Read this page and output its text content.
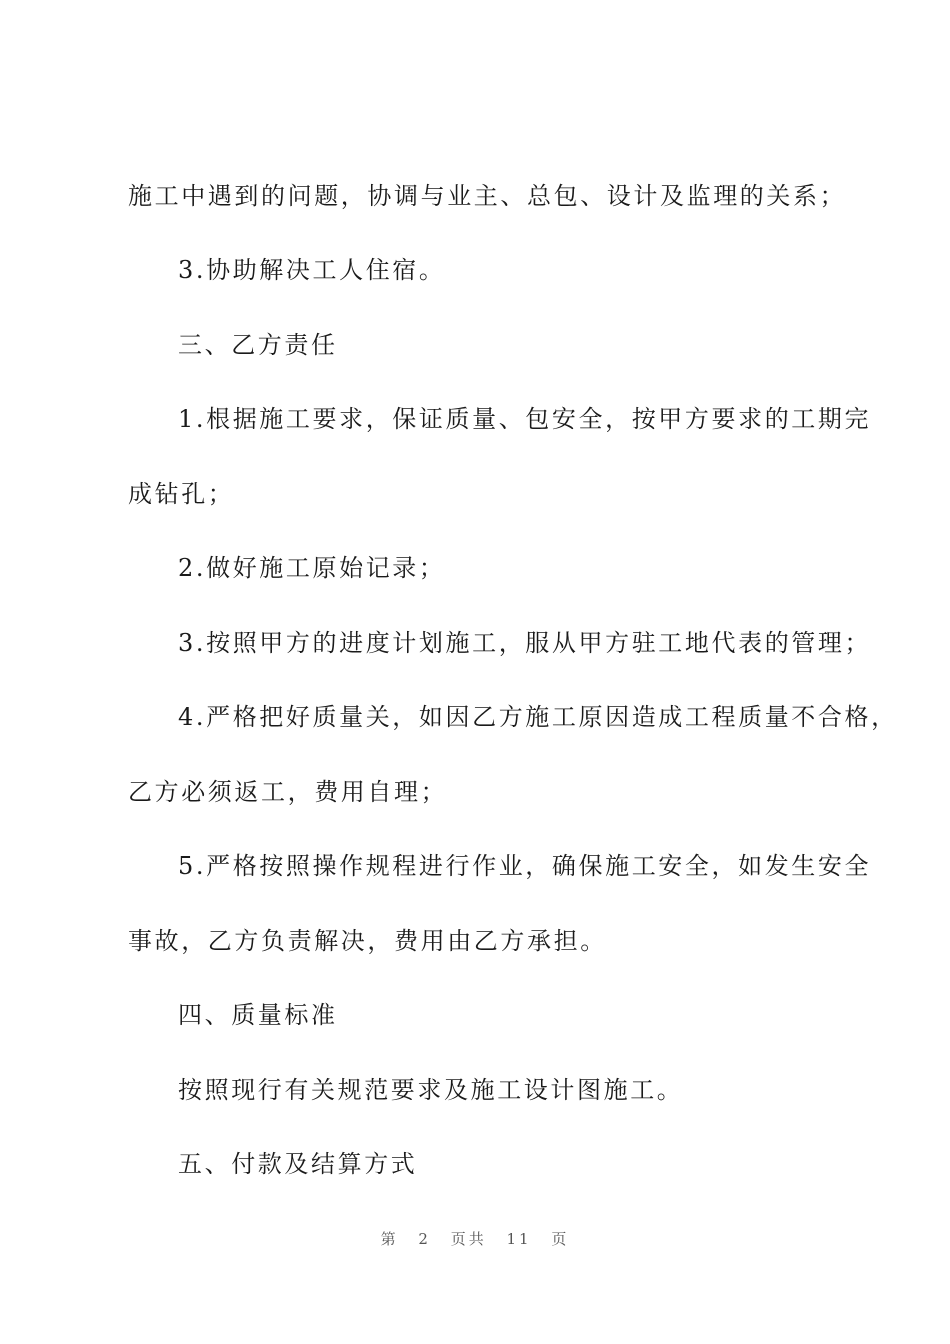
施工中遇到的问题，协调与业主、总包、设计及监理的关系；
3.协助解决工人住宿。
三、乙方责任
1.根据施工要求，保证质量、包安全，按甲方要求的工期完
成钻孔；
2.做好施工原始记录；
3.按照甲方的进度计划施工，服从甲方驻工地代表的管理；
4.严格把好质量关，如因乙方施工原因造成工程质量不合格，
乙方必须返工，费用自理；
5.严格按照操作规程进行作业，确保施工安全，如发生安全
事故，乙方负责解决，费用由乙方承担。
四、质量标准
按照现行有关规范要求及施工设计图施工。
五、付款及结算方式
第 2 页共 11 页
